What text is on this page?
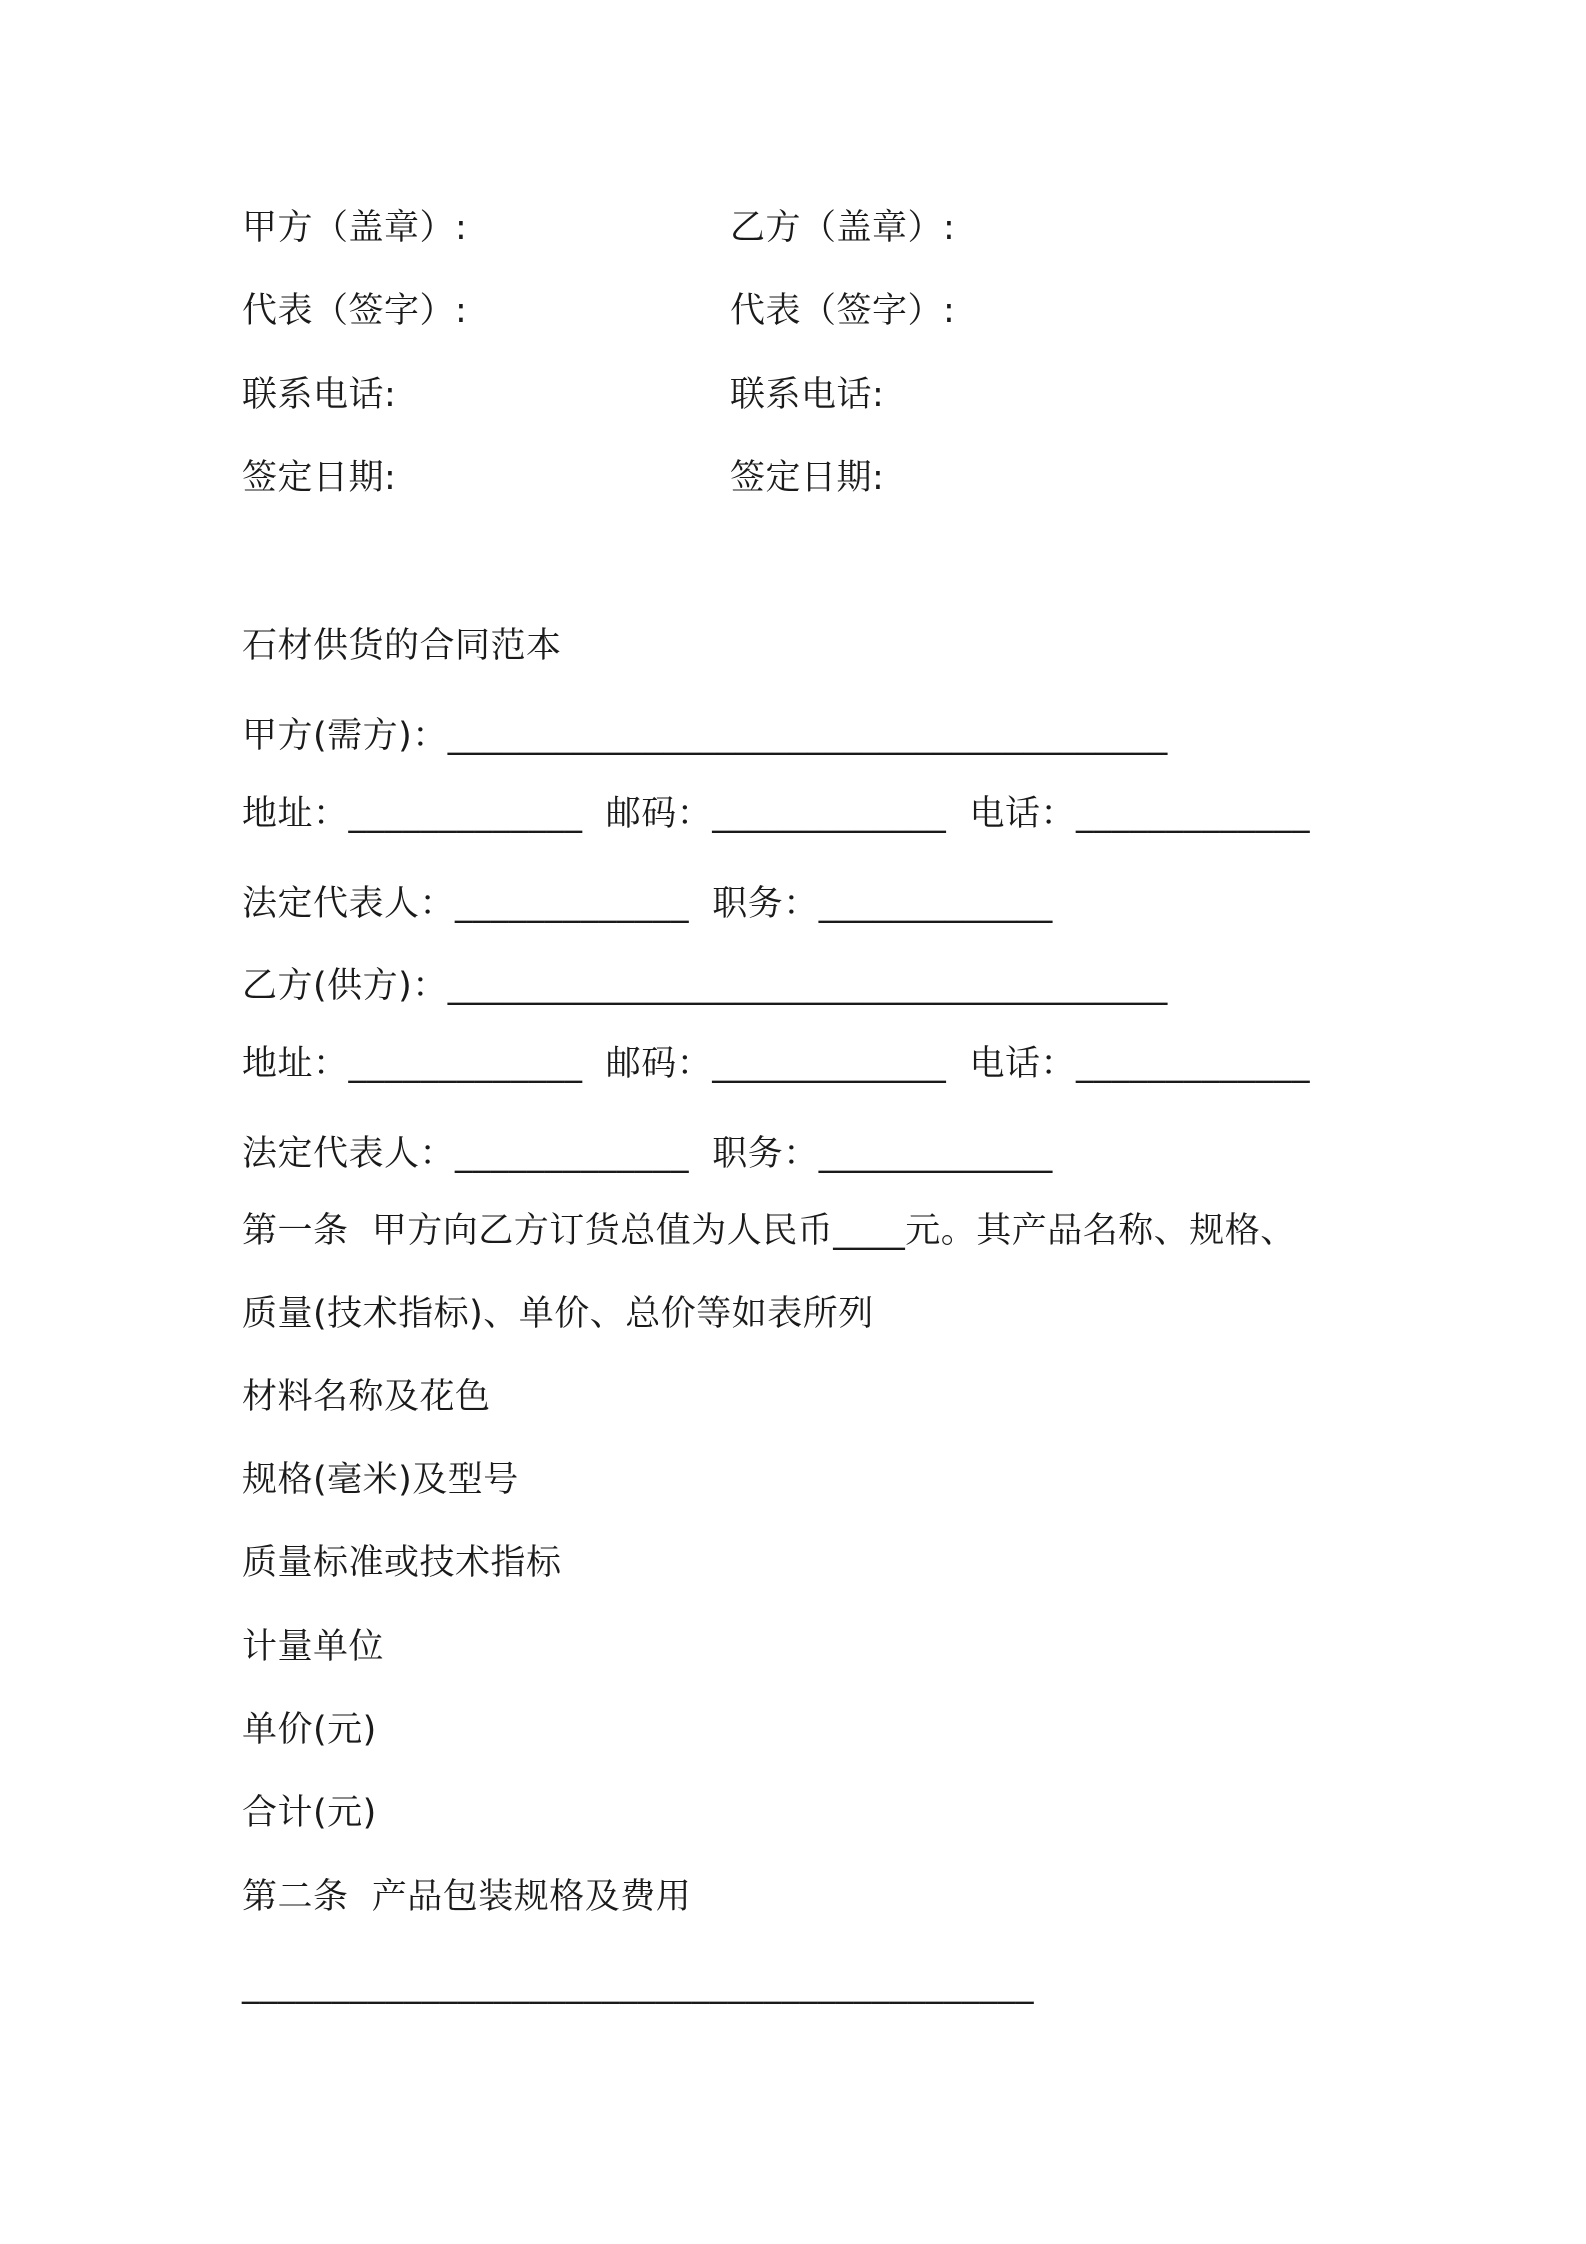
甲方（盖章）:
代表（签字）:
联系电话:
签定日期:
乙方（盖章）:
代表（签字）:
联系电话:
签定日期:
石材供货的合同范本
甲方(需方)：________________________________________
地址：_____________  邮码：_____________  电话：_____________
法定代表人：_____________  职务：_____________
乙方(供方)：________________________________________
地址：_____________  邮码：_____________  电话：_____________
法定代表人：_____________  职务：_____________
第一条  甲方向乙方订货总值为人民币____元。其产品名称、规格、
质量(技术指标)、单价、总价等如表所列
材料名称及花色
规格(毫米)及型号
质量标准或技术指标
计量单位
单价(元)
合计(元)
第二条  产品包装规格及费用
____________________________________________
